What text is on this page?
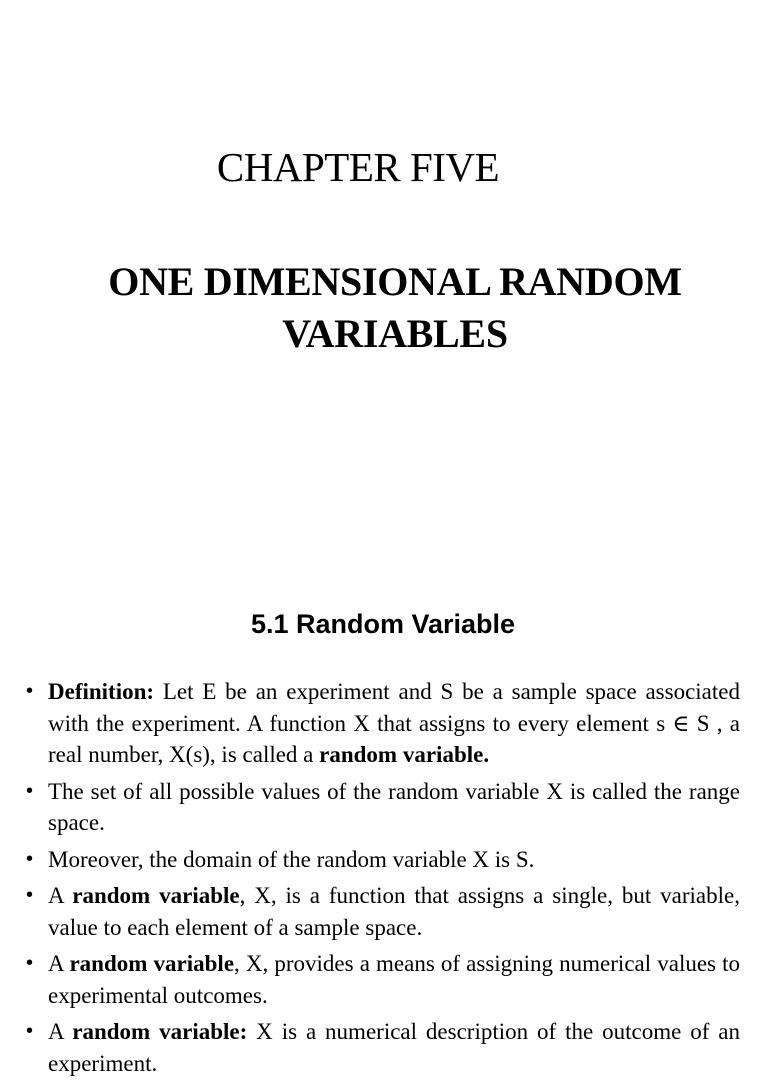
CHAPTER FIVE
ONE DIMENSIONAL RANDOM
VARIABLES
5.1 Random Variable
• Definition: Let E be an experiment and S be a sample space associated with the experiment. A function X that assigns to every element s ∈ S , a real number, X(s), is called a random variable.
• The set of all possible values of the random variable X is called the range space.
• Moreover, the domain of the random variable X is S.
• A random variable, X, is a function that assigns a single, but variable, value to each element of a sample space.
• A random variable, X, provides a means of assigning numerical values to experimental outcomes.
• A random variable: X is a numerical description of the outcome of an experiment.
